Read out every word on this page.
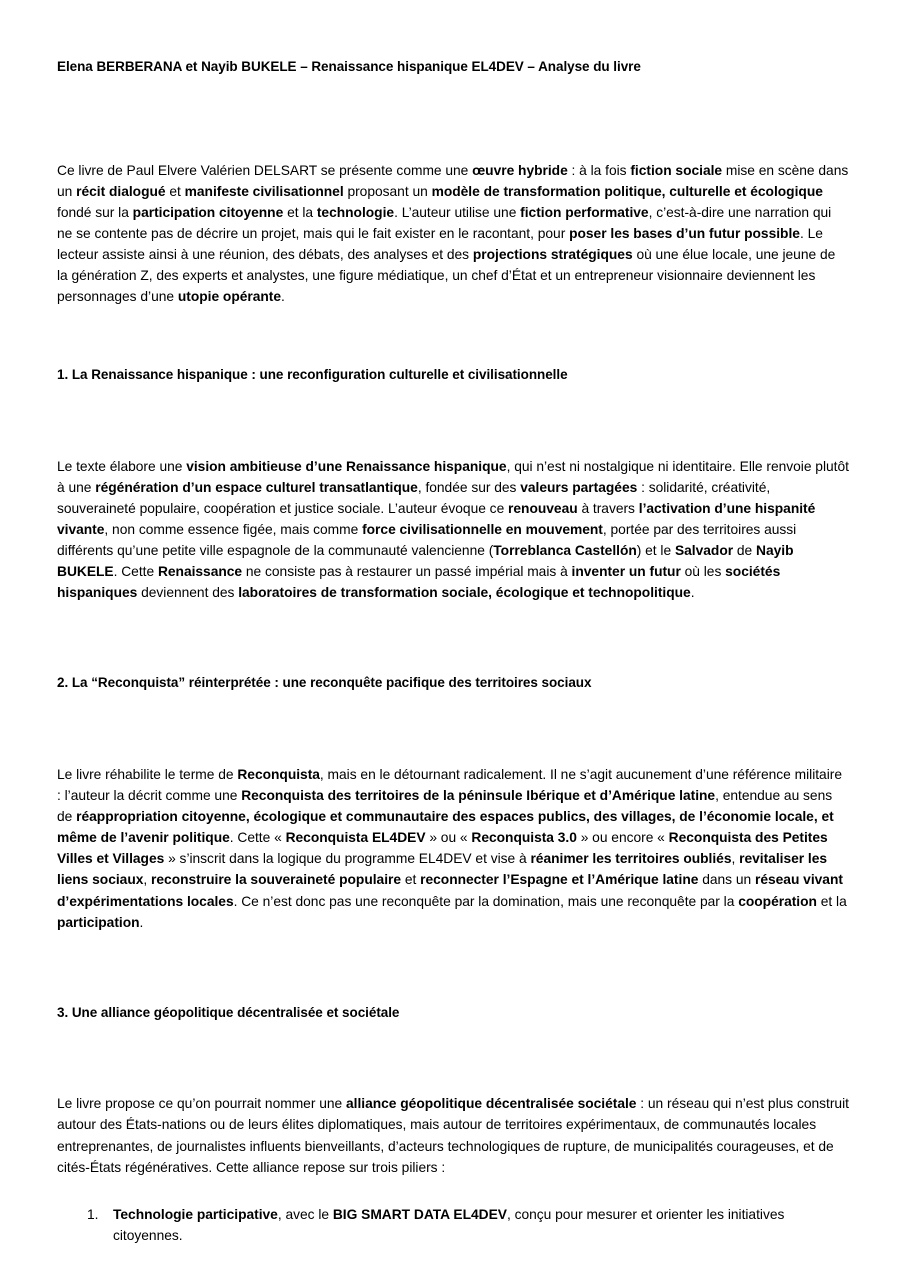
Elena BERBERANA et Nayib BUKELE – Renaissance hispanique EL4DEV – Analyse du livre

Ce livre de Paul Elvere Valérien DELSART se présente comme une œuvre hybride : à la fois fiction sociale mise en scène dans un récit dialogué et manifeste civilisationnel proposant un modèle de transformation politique, culturelle et écologique fondé sur la participation citoyenne et la technologie. L’auteur utilise une fiction performative, c’est-à-dire une narration qui ne se contente pas de décrire un projet, mais qui le fait exister en le racontant, pour poser les bases d’un futur possible. Le lecteur assiste ainsi à une réunion, des débats, des analyses et des projections stratégiques où une élue locale, une jeune de la génération Z, des experts et analystes, une figure médiatique, un chef d’État et un entrepreneur visionnaire deviennent les personnages d’une utopie opérante.

1. La Renaissance hispanique : une reconfiguration culturelle et civilisationnelle

Le texte élabore une vision ambitieuse d’une Renaissance hispanique, qui n’est ni nostalgique ni identitaire. Elle renvoie plutôt à une régénération d’un espace culturel transatlantique, fondée sur des valeurs partagées : solidarité, créativité, souveraineté populaire, coopération et justice sociale. L’auteur évoque ce renouveau à travers l’activation d’une hispanité vivante, non comme essence figée, mais comme force civilisationnelle en mouvement, portée par des territoires aussi différents qu’une petite ville espagnole de la communauté valencienne (Torreblanca Castellón) et le Salvador de Nayib BUKELE. Cette Renaissance ne consiste pas à restaurer un passé impérial mais à inventer un futur où les sociétés hispaniques deviennent des laboratoires de transformation sociale, écologique et technopolitique.

2. La “Reconquista” réinterprétée : une reconquête pacifique des territoires sociaux

Le livre réhabilite le terme de Reconquista, mais en le détournant radicalement. Il ne s’agit aucunement d’une référence militaire : l’auteur la décrit comme une Reconquista des territoires de la péninsule Ibérique et d’Amérique latine, entendue au sens de réappropriation citoyenne, écologique et communautaire des espaces publics, des villages, de l’économie locale, et même de l’avenir politique. Cette « Reconquista EL4DEV » ou « Reconquista 3.0 » ou encore « Reconquista des Petites Villes et Villages » s’inscrit dans la logique du programme EL4DEV et vise à réanimer les territoires oubliés, revitaliser les liens sociaux, reconstruire la souveraineté populaire et reconnecter l’Espagne et l’Amérique latine dans un réseau vivant d’expérimentations locales. Ce n’est donc pas une reconquête par la domination, mais une reconquête par la coopération et la participation.

3. Une alliance géopolitique décentralisée et sociétale

Le livre propose ce qu’on pourrait nommer une alliance géopolitique décentralisée sociétale : un réseau qui n’est plus construit autour des États-nations ou de leurs élites diplomatiques, mais autour de territoires expérimentaux, de communautés locales entreprenantes, de journalistes influents bienveillants, d’acteurs technologiques de rupture, de municipalités courageuses, et de cités-États régénératives. Cette alliance repose sur trois piliers :

1. Technologie participative, avec le BIG SMART DATA EL4DEV, conçu pour mesurer et orienter les initiatives citoyennes.
